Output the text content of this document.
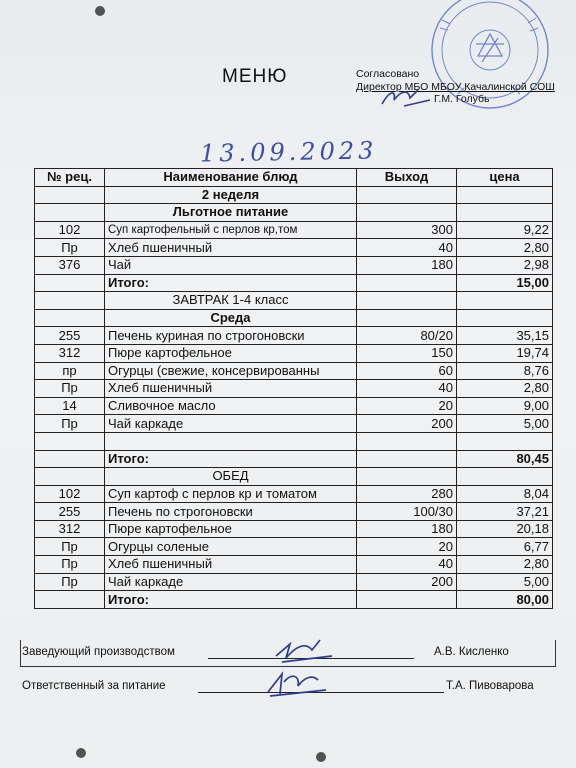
МЕНЮ	Согласовано
Директор МБО МБОУ Качалинской СОШ
Г.М. Голубь
13.09.2023
№ рец.	Наименование блюд	Выход	цена
	2 неделя		
	Льготное питание		
102	Суп картофельный с перлов кр,том	300	9,22
Пр	Хлеб пшеничный	40	2,80
376	Чай	180	2,98
	Итого:		15,00
	ЗАВТРАК 1-4 класс		
	Среда		
255	Печень куриная по строгоновски	80/20	35,15
312	Пюре картофельное	150	19,74
пр	Огурцы (свежие, консервированны	60	8,76
Пр	Хлеб пшеничный	40	2,80
14	Сливочное масло	20	9,00
Пр	Чай каркаде	200	5,00

	Итого:		80,45
	ОБЕД		
102	Суп картоф с перлов кр и томатом	280	8,04
255	Печень по строгоновски	100/30	37,21
312	Пюре картофельное	180	20,18
Пр	Огурцы соленые	20	6,77
Пр	Хлеб пшеничный	40	2,80
Пр	Чай каркаде	200	5,00
	Итого:		80,00
Заведующий производством	А.В. Кисленко
Ответственный за питание	Т.А. Пивоварова
